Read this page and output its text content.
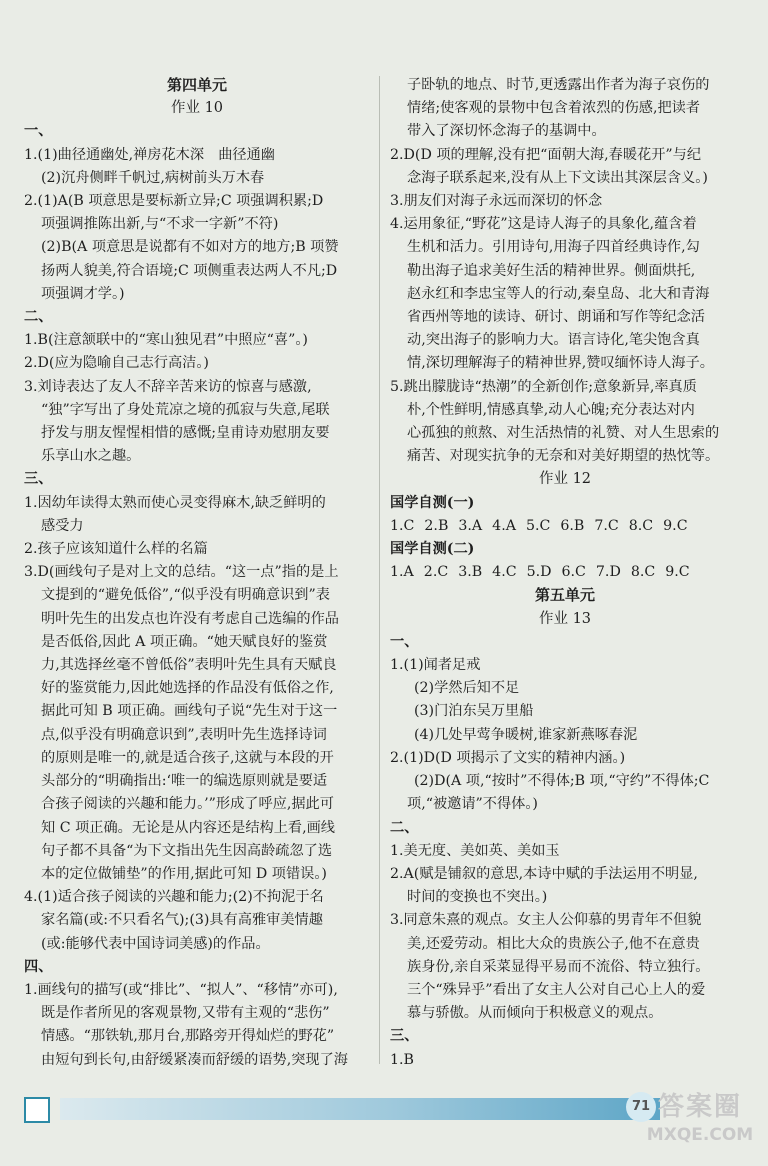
第四单元
作业 10
一、
1.(1)曲径通幽处,禅房花木深　曲径通幽
(2)沉舟侧畔千帆过,病树前头万木春
2.(1)A(B 项意思是要标新立异;C 项强调积累;D
项强调推陈出新,与“不求一字新”不符)
(2)B(A 项意思是说都有不如对方的地方;B 项赞
扬两人貌美,符合语境;C 项侧重表达两人不凡;D
项强调才学。)
二、
1.B(注意颔联中的“寒山独见君”中照应“喜”。)
2.D(应为隐喻自己志行高洁。)
3.刘诗表达了友人不辞辛苦来访的惊喜与感激,
“独”字写出了身处荒凉之境的孤寂与失意,尾联
抒发与朋友惺惺相惜的感慨;皇甫诗劝慰朋友要
乐享山水之趣。
三、
1.因幼年读得太熟而使心灵变得麻木,缺乏鲜明的
感受力
2.孩子应该知道什么样的名篇
3.D(画线句子是对上文的总结。“这一点”指的是上
文提到的“避免低俗”,“似乎没有明确意识到”表
明叶先生的出发点也许没有考虑自己选编的作品
是否低俗,因此 A 项正确。“她天赋良好的鉴赏
力,其选择丝毫不曾低俗”表明叶先生具有天赋良
好的鉴赏能力,因此她选择的作品没有低俗之作,
据此可知 B 项正确。画线句子说“先生对于这一
点,似乎没有明确意识到”,表明叶先生选择诗词
的原则是唯一的,就是适合孩子,这就与本段的开
头部分的“明确指出:‘唯一的编选原则就是要适
合孩子阅读的兴趣和能力。’”形成了呼应,据此可
知 C 项正确。无论是从内容还是结构上看,画线
句子都不具备“为下文指出先生因高龄疏忽了选
本的定位做铺垫”的作用,据此可知 D 项错误。)
4.(1)适合孩子阅读的兴趣和能力;(2)不拘泥于名
家名篇(或:不只看名气);(3)具有高雅审美情趣
(或:能够代表中国诗词美感)的作品。
四、
1.画线句的描写(或“排比”、“拟人”、“移情”亦可),
既是作者所见的客观景物,又带有主观的“悲伤”
情感。“那铁轨,那月台,那路旁开得灿烂的野花”
由短句到长句,由舒缓紧凑而舒缓的语势,突现了海
子卧轨的地点、时节,更透露出作者为海子哀伤的
情绪;使客观的景物中包含着浓烈的伤感,把读者
带入了深切怀念海子的基调中。
2.D(D 项的理解,没有把“面朝大海,春暖花开”与纪
念海子联系起来,没有从上下文读出其深层含义。)
3.朋友们对海子永远而深切的怀念
4.运用象征,“野花”这是诗人海子的具象化,蕴含着
生机和活力。引用诗句,用海子四首经典诗作,勾
勒出海子追求美好生活的精神世界。侧面烘托,
赵永红和李忠宝等人的行动,秦皇岛、北大和青海
省西州等地的读诗、研讨、朗诵和写作等纪念活
动,突出海子的影响力大。语言诗化,笔尖饱含真
情,深切理解海子的精神世界,赞叹缅怀诗人海子。
5.跳出朦胧诗“热潮”的全新创作;意象新异,率真质
朴,个性鲜明,情感真挚,动人心魄;充分表达对内
心孤独的煎熬、对生活热情的礼赞、对人生思索的
痛苦、对现实抗争的无奈和对美好期望的热忱等。
作业 12
国学自测(一)
1.C 2.B 3.A 4.A 5.C 6.B 7.C 8.C 9.C
国学自测(二)
1.A 2.C 3.B 4.C 5.D 6.C 7.D 8.C 9.C
第五单元
作业 13
一、
1.(1)闻者足戒
(2)学然后知不足
(3)门泊东吴万里船
(4)几处早莺争暖树,谁家新燕啄春泥
2.(1)D(D 项揭示了文实的精神内涵。)
(2)D(A 项,“按时”不得体;B 项,“守约”不得体;C
项,“被邀请”不得体。)
二、
1.美无度、美如英、美如玉
2.A(赋是铺叙的意思,本诗中赋的手法运用不明显,
时间的变换也不突出。)
3.同意朱熹的观点。女主人公仰慕的男青年不但貌
美,还爱劳动。相比大众的贵族公子,他不在意贵
族身份,亲自采菜显得平易而不流俗、特立独行。
三个“殊异乎”看出了女主人公对自己心上人的爱
慕与骄傲。从而倾向于积极意义的观点。
三、
1.B
71 答案圈
MXQE.COM
